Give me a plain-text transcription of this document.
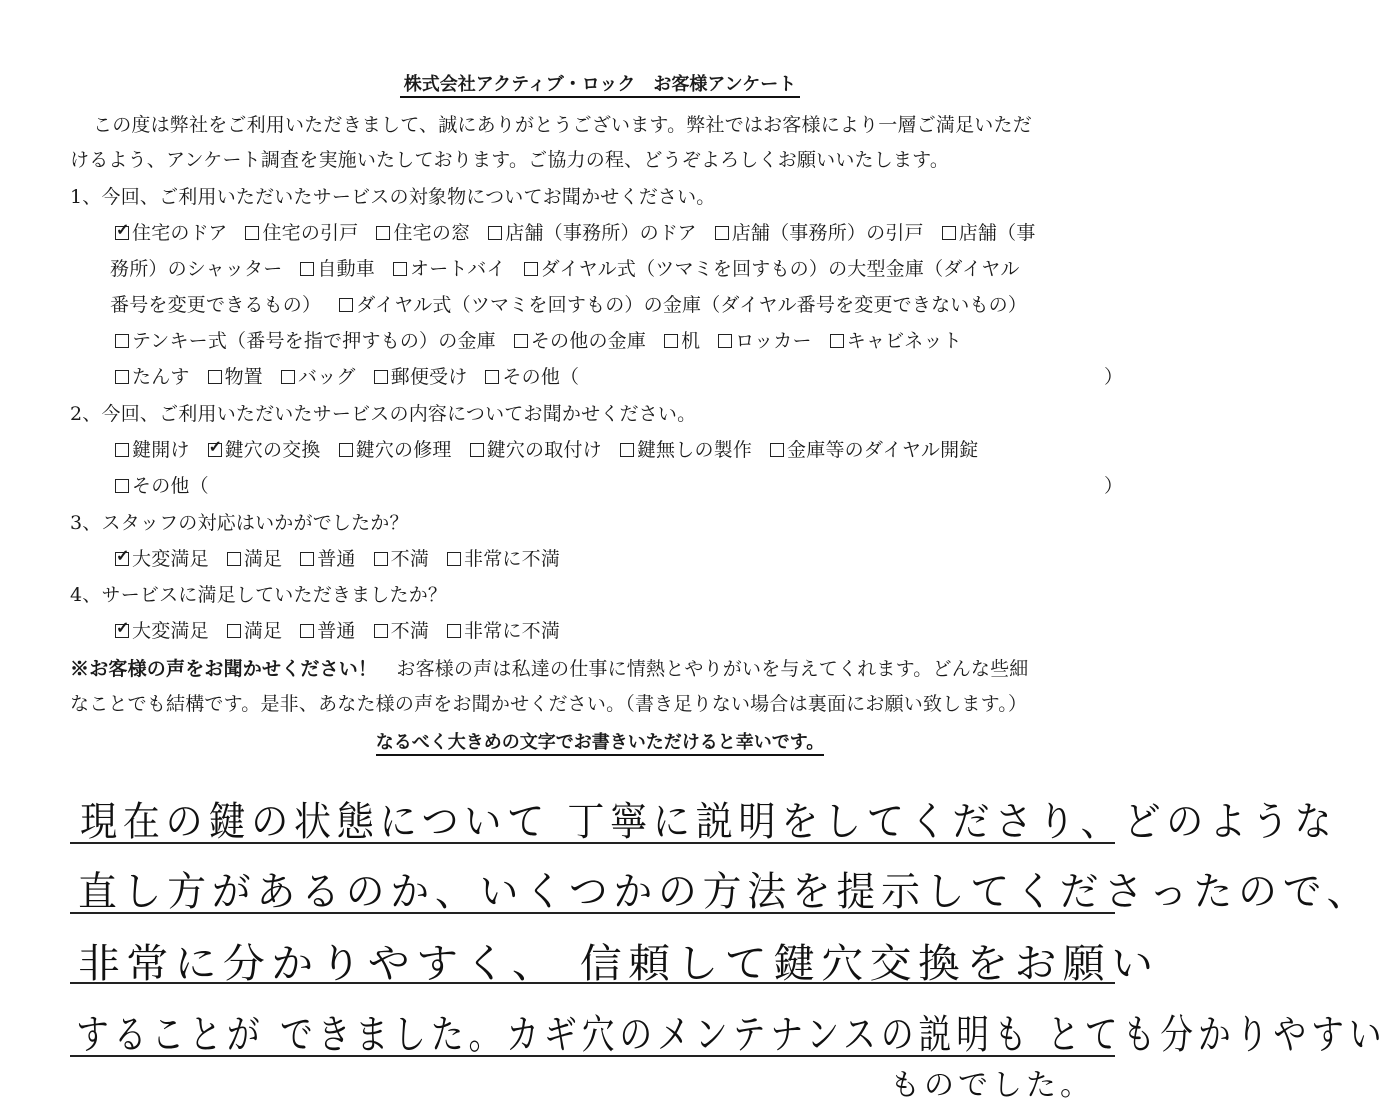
株式会社アクティブ・ロック　お客様アンケート
この度は弊社をご利用いただきまして、誠にありがとうございます。弊社ではお客様により一層ご満足いただ
けるよう、アンケート調査を実施いたしております。ご協力の程、どうぞよろしくお願いいたします。
1、今回、ご利用いただいたサービスの対象物についてお聞かせください。
✓住宅のドア 住宅の引戸 住宅の窓 店舗（事務所）のドア 店舗（事務所）の引戸 店舗（事
務所）のシャッター 自動車 オートバイ ダイヤル式（ツマミを回すもの）の大型金庫（ダイヤル
番号を変更できるもの） ダイヤル式（ツマミを回すもの）の金庫（ダイヤル番号を変更できないもの）
テンキー式（番号を指で押すもの）の金庫 その他の金庫 机 ロッカー キャビネット
たんす 物置 バッグ 郵便受け その他（	）
2、今回、ご利用いただいたサービスの内容についてお聞かせください。
鍵開け✓ 鍵穴の交換 鍵穴の修理 鍵穴の取付け 鍵無しの製作 金庫等のダイヤル開錠
その他（	）
3、スタッフの対応はいかがでしたか？
✓大変満足 満足 普通 不満 非常に不満
4、サービスに満足していただきましたか？
✓大変満足 満足 普通 不満 非常に不満
※お客様の声をお聞かせください！　 お客様の声は私達の仕事に情熱とやりがいを与えてくれます。どんな些細
なことでも結構です。是非、あなた様の声をお聞かせください。（書き足りない場合は裏面にお願い致します。）
なるべく大きめの文字でお書きいただけると幸いです。
現在の鍵の状態について 丁寧に説明をしてくださり、どのような
直し方があるのか、いくつかの方法を提示してくださったので、
非常に分かりやすく、 信頼して鍵穴交換をお願い
することが できました。カギ穴のメンテナンスの説明も とても分かりやすい
ものでした。
